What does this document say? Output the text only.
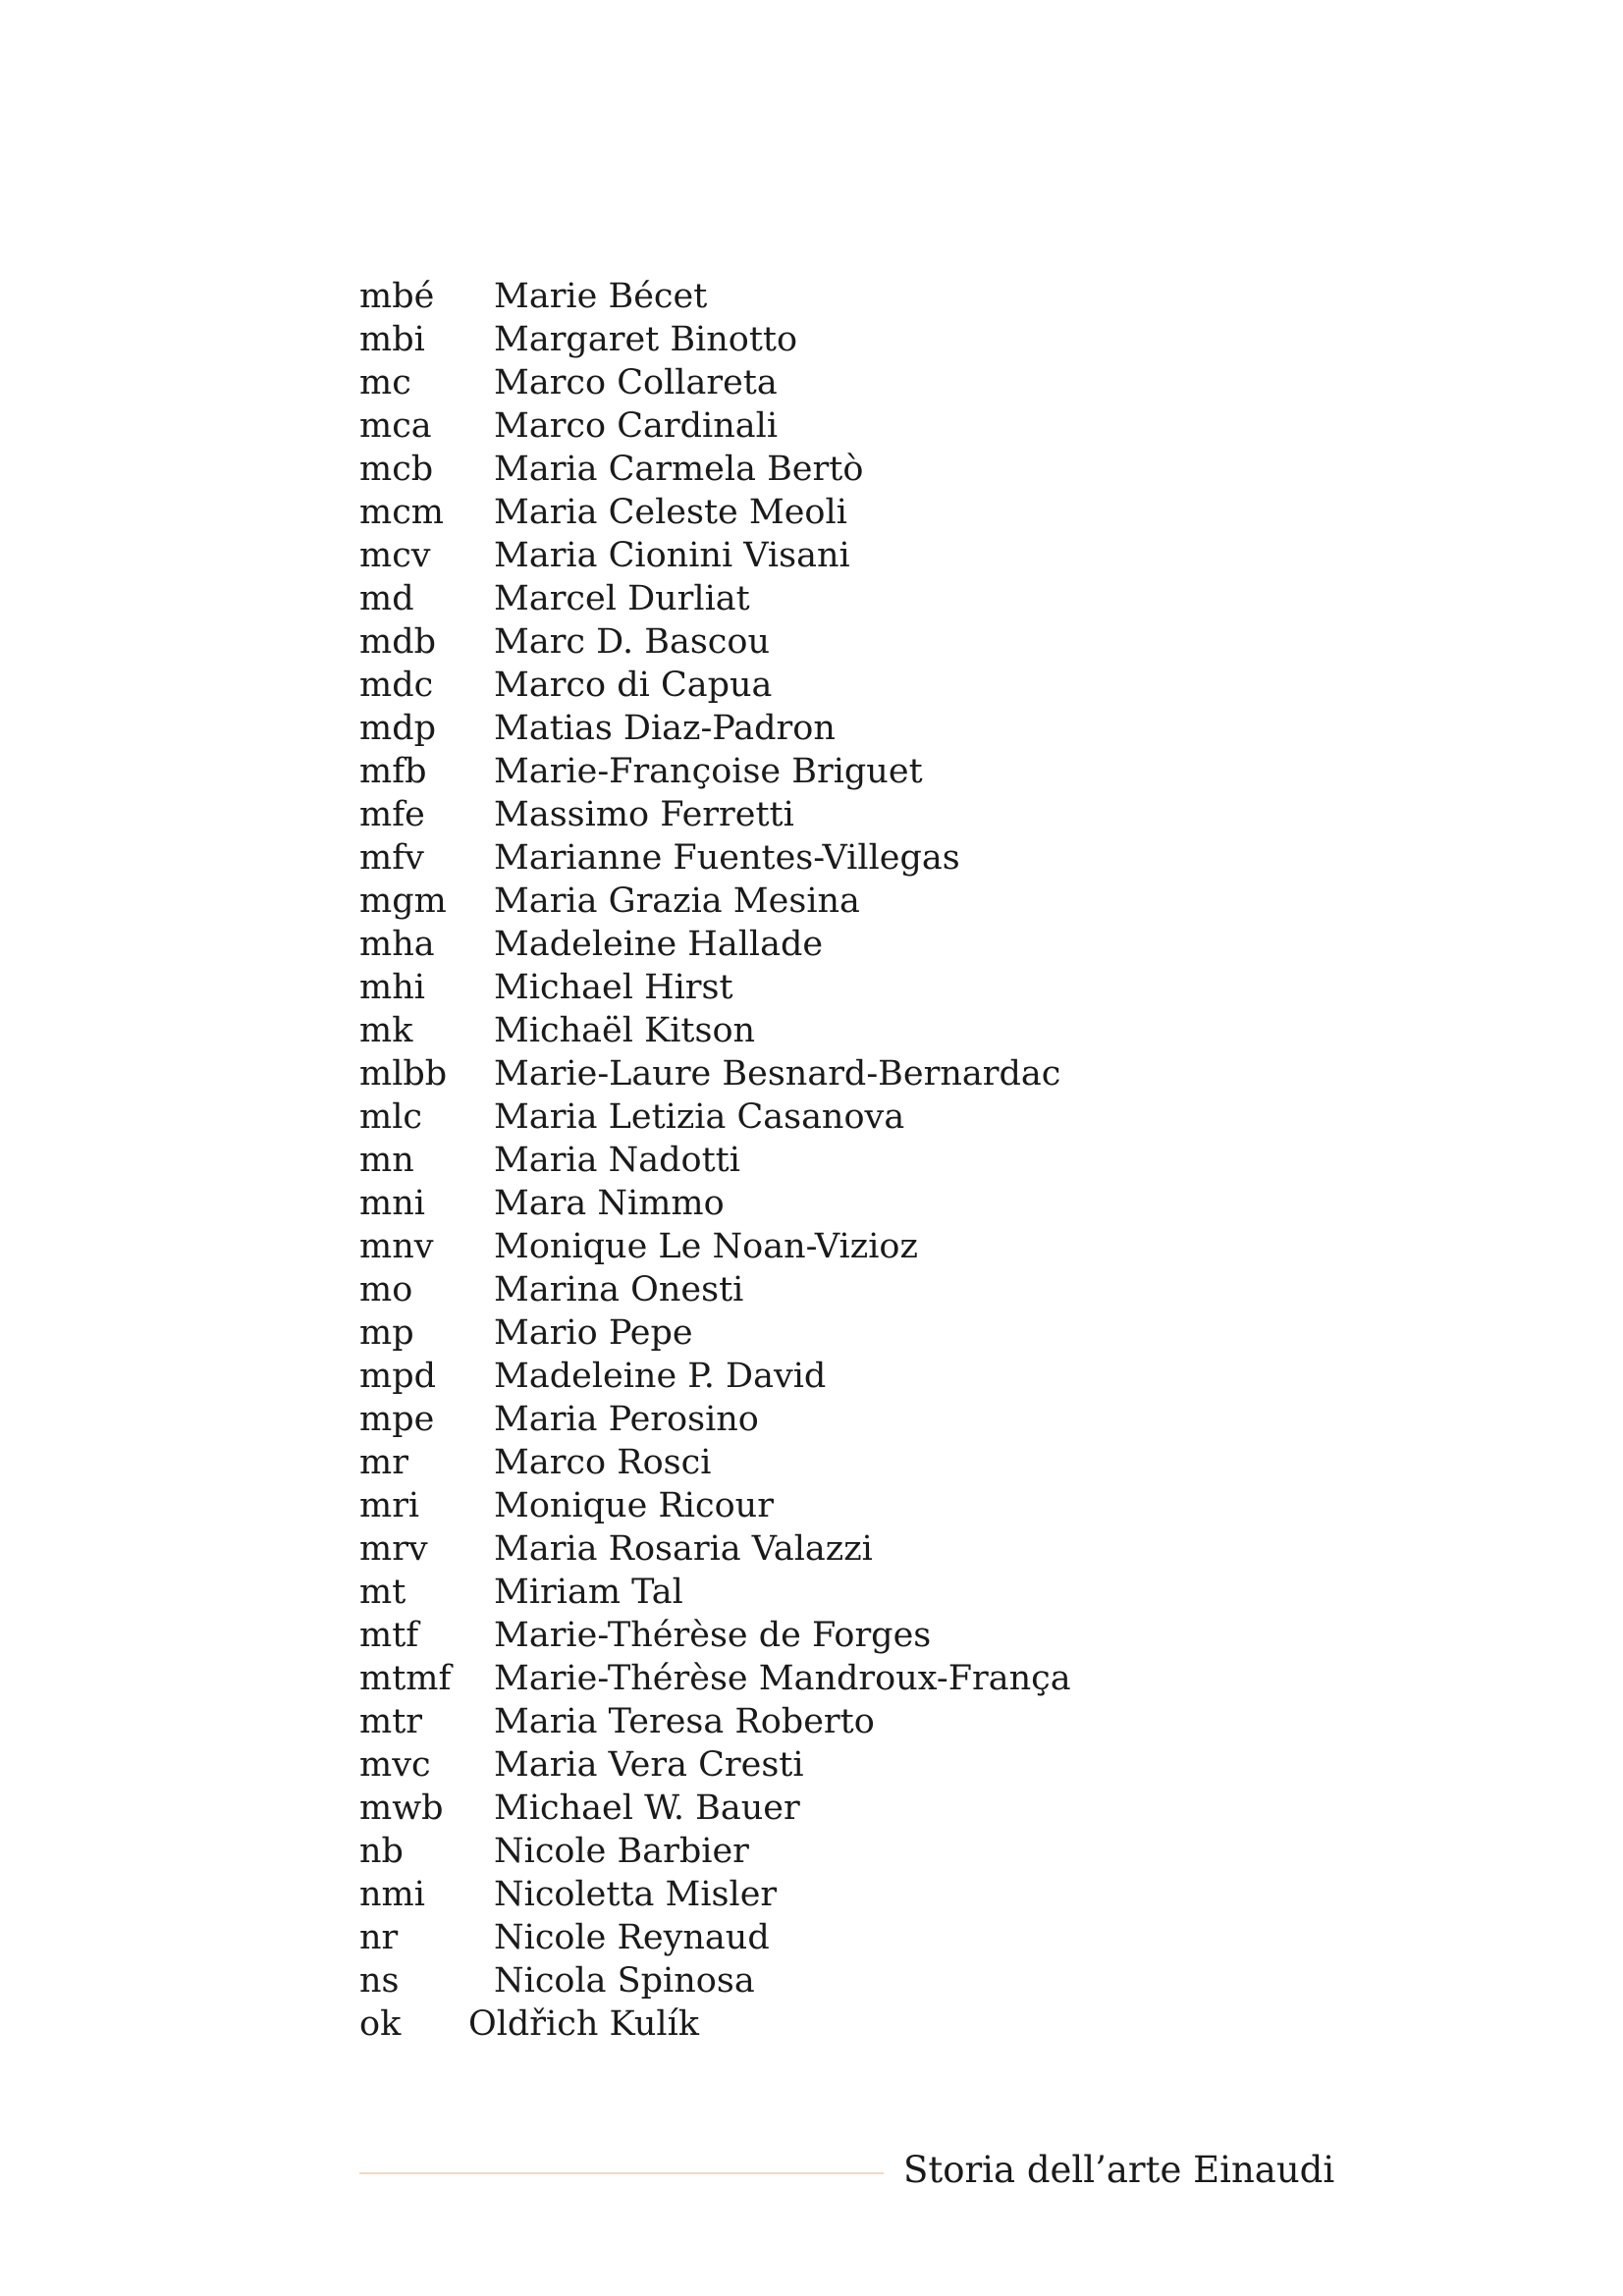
mbé Marie Bécet
mbi Margaret Binotto
mc Marco Collareta
mca Marco Cardinali
mcb Maria Carmela Bertò
mcm Maria Celeste Meoli
mcv Maria Cionini Visani
md Marcel Durliat
mdb Marc D. Bascou
mdc Marco di Capua
mdp Matias Diaz-Padron
mfb Marie-Françoise Briguet
mfe Massimo Ferretti
mfv Marianne Fuentes-Villegas
mgm Maria Grazia Mesina
mha Madeleine Hallade
mhi Michael Hirst
mk Michaël Kitson
mlbb Marie-Laure Besnard-Bernardac
mlc Maria Letizia Casanova
mn Maria Nadotti
mni Mara Nimmo
mnv Monique Le Noan-Vizioz
mo Marina Onesti
mp Mario Pepe
mpd Madeleine P. David
mpe Maria Perosino
mr Marco Rosci
mri Monique Ricour
mrv Maria Rosaria Valazzi
mt	Miriam Tal
mtf Marie-Thérèse de Forges
mtmf Marie-Thérèse Mandroux-França
mtr Maria Teresa Roberto
mvc Maria Vera Cresti
mwb Michael W. Bauer
nb	Nicole Barbier
nmi Nicoletta Misler
nr	Nicole Reynaud
ns	Nicola Spinosa
ok Oldřich Kulík
Storia dell’arte Einaudi
